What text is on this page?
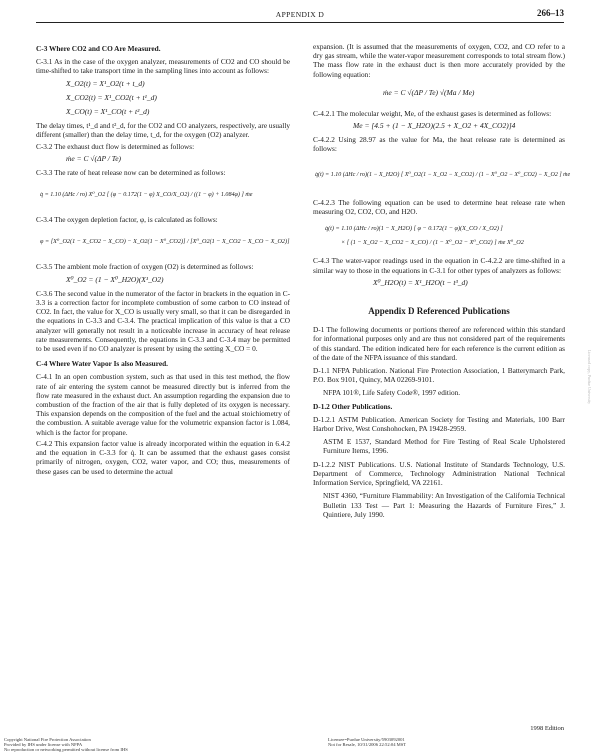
APPENDIX D	266–13

C-3 Where CO2 and CO Are Measured.

C-3.1 As in the case of the oxygen analyzer, measurements of CO2 and CO should be time-shifted to take transport time in the sampling lines into account as follows:

X_O2(t) = X¹_O2(t + t_d)
X_CO2(t) = X¹_CO2(t + t¹_d)
X_CO(t) = X¹_CO(t + t²_d)

The delay times, t¹_d and t²_d, for the CO2 and CO analyzers, respectively, are usually different (smaller) than the delay time, t_d, for the oxygen (O2) analyzer.

C-3.2 The exhaust duct flow is determined as follows:

ṁe = C √(ΔP / Te)

C-3.3 The rate of heat release now can be determined as follows:

q̇ = 1.10 (ΔHc / ro) X⁰_O2 [ (φ − 0.172(1 − φ) X_CO/X_O2) / ((1 − φ) + 1.084φ) ] ṁe

C-3.4 The oxygen depletion factor, φ, is calculated as follows:

φ = [X⁰_O2(1 − X_CO2 − X_CO) − X_O2(1 − X⁰_CO2)] / [X⁰_O2(1 − X_CO2 − X_CO − X_O2)]

C-3.5 The ambient mole fraction of oxygen (O2) is determined as follows:

X⁰_O2 = (1 − X⁰_H2O)(X¹_O2)

C-3.6 The second value in the numerator of the factor in brackets in the equation in C-3.3 is a correction factor for incomplete combustion of some carbon to CO instead of CO2. In fact, the value for X_CO is usually very small, so that it can be disregarded in the equations in C-3.3 and C-3.4. The practical implication of this value is that a CO analyzer will generally not result in a noticeable increase in accuracy of heat release rate measurements. Consequently, the equations in C-3.3 and C-3.4 may be permitted to be used even if no CO analyzer is present by using the setting X_CO = 0.

C-4 Where Water Vapor Is also Measured.

C-4.1 In an open combustion system, such as that used in this test method, the flow rate of air entering the system cannot be measured directly but is inferred from the flow rate measured in the exhaust duct. An assumption regarding the expansion due to combustion of the fraction of the air that is fully depleted of its oxygen is necessary. This expansion depends on the composition of the fuel and the actual stoichiometry of the combustion. A suitable average value for the volumetric expansion factor is 1.084, which is the factor for propane.

C-4.2 This expansion factor value is already incorporated within the equation in 6.4.2 and the equation in C-3.3 for q̇. It can be assumed that the exhaust gases consist primarily of nitrogen, oxygen, CO2, water vapor, and CO; thus, measurements of these gases can be used to determine the actual

expansion. (It is assumed that the measurements of oxygen, CO2, and CO refer to a dry gas stream, while the water-vapor measurement corresponds to total stream flow.) The mass flow rate in the exhaust duct is then more accurately provided by the following equation:

ṁe = C √(ΔP / Te) √(Ma / Me)

C-4.2.1 The molecular weight, Me, of the exhaust gases is determined as follows:

Me = [4.5 + (1 − X_H2O)(2.5 + X_O2 + 4X_CO2)]4

C-4.2.2 Using 28.97 as the value for Ma, the heat release rate is determined as follows:

q̇(t) = 1.10 (ΔHc / ro)(1 − X_H2O) [ X⁰_O2(1 − X_O2 − X_CO2) / (1 − X⁰_O2 − X⁰_CO2) − X_O2 ] ṁe

C-4.2.3 The following equation can be used to determine heat release rate when measuring O2, CO2, CO, and H2O.

q̇(t) = 1.10 (ΔHc / ro)(1 − X_H2O) [ φ − 0.172(1 − φ)(X_CO / X_O2) ]
× [ (1 − X_O2 − X_CO2 − X_CO) / (1 − X⁰_O2 − X⁰_CO2) ] ṁe X⁰_O2

C-4.3 The water-vapor readings used in the equation in C-4.2.2 are time-shifted in a similar way to those in the equations in C-3.1 for other types of analyzers as follows:

X⁰_H2O(t) = X¹_H2O(t − t³_d)
Appendix D Referenced Publications

D-1 The following documents or portions thereof are referenced within this standard for informational purposes only and are thus not considered part of the requirements of this standard. The edition indicated here for each reference is the current edition as of the date of the NFPA issuance of this standard.

D-1.1 NFPA Publication. National Fire Protection Association, 1 Batterymarch Park, P.O. Box 9101, Quincy, MA 02269-9101.

NFPA 101®, Life Safety Code®, 1997 edition.

D-1.2 Other Publications.

D-1.2.1 ASTM Publication. American Society for Testing and Materials, 100 Barr Harbor Drive, West Conshohocken, PA 19428-2959.

ASTM E 1537, Standard Method for Fire Testing of Real Scale Upholstered Furniture Items, 1996.

D-1.2.2 NIST Publications. U.S. National Institute of Standards Technology, U.S. Department of Commerce, Technology Administration National Technical Information Service, Springfield, VA 22161.

NIST 4360, “Furniture Flammability: An Investigation of the California Technical Bulletin 133 Test — Part 1: Measuring the Hazards of Furniture Fires,” J. Quintiere, July 1990.

Licensed copy, Purdue University
1998 Edition
Copyright National Fire Protection Association
Provided by IHS under license with NFPA
No reproduction or networking permitted without license from IHS
Licensee=Purdue University/5903092001
Not for Resale, 10/31/2006 22:52:04 MST
